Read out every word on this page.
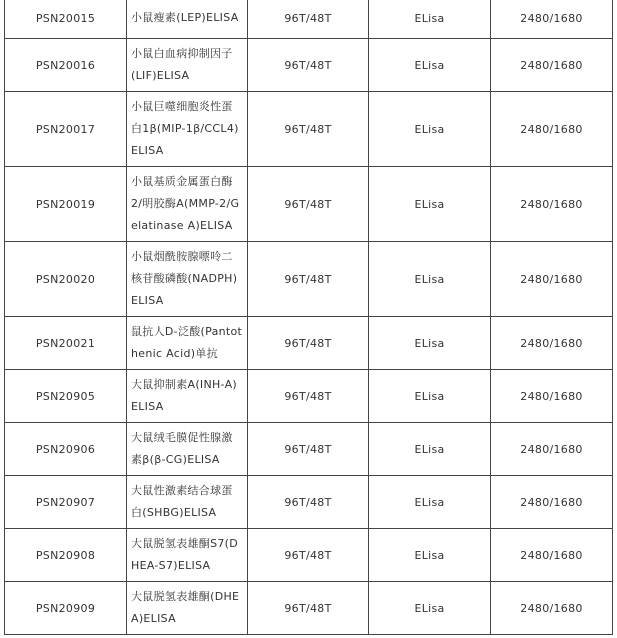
PSN20015	小鼠瘦素(LEP)ELISA	96T/48T	ELisa	2480/1680
PSN20016	小鼠白血病抑制因子(LIF)ELISA	96T/48T	ELisa	2480/1680
PSN20017	小鼠巨噬细胞炎性蛋白1β(MIP-1β/CCL4)ELISA	96T/48T	ELisa	2480/1680
PSN20019	小鼠基质金属蛋白酶2/明胶酶A(MMP-2/Gelatinase A)ELISA	96T/48T	ELisa	2480/1680
PSN20020	小鼠烟酰胺腺嘌呤二核苷酸磷酸(NADPH)ELISA	96T/48T	ELisa	2480/1680
PSN20021	鼠抗人D-泛酸(Pantothenic Acid)单抗	96T/48T	ELisa	2480/1680
PSN20905	大鼠抑制素A(INH-A)ELISA	96T/48T	ELisa	2480/1680
PSN20906	大鼠绒毛膜促性腺激素β(β-CG)ELISA	96T/48T	ELisa	2480/1680
PSN20907	大鼠性激素结合球蛋白(SHBG)ELISA	96T/48T	ELisa	2480/1680
PSN20908	大鼠脱氢表雄酮S7(DHEA-S7)ELISA	96T/48T	ELisa	2480/1680
PSN20909	大鼠脱氢表雄酮(DHEA)ELISA	96T/48T	ELisa	2480/1680
